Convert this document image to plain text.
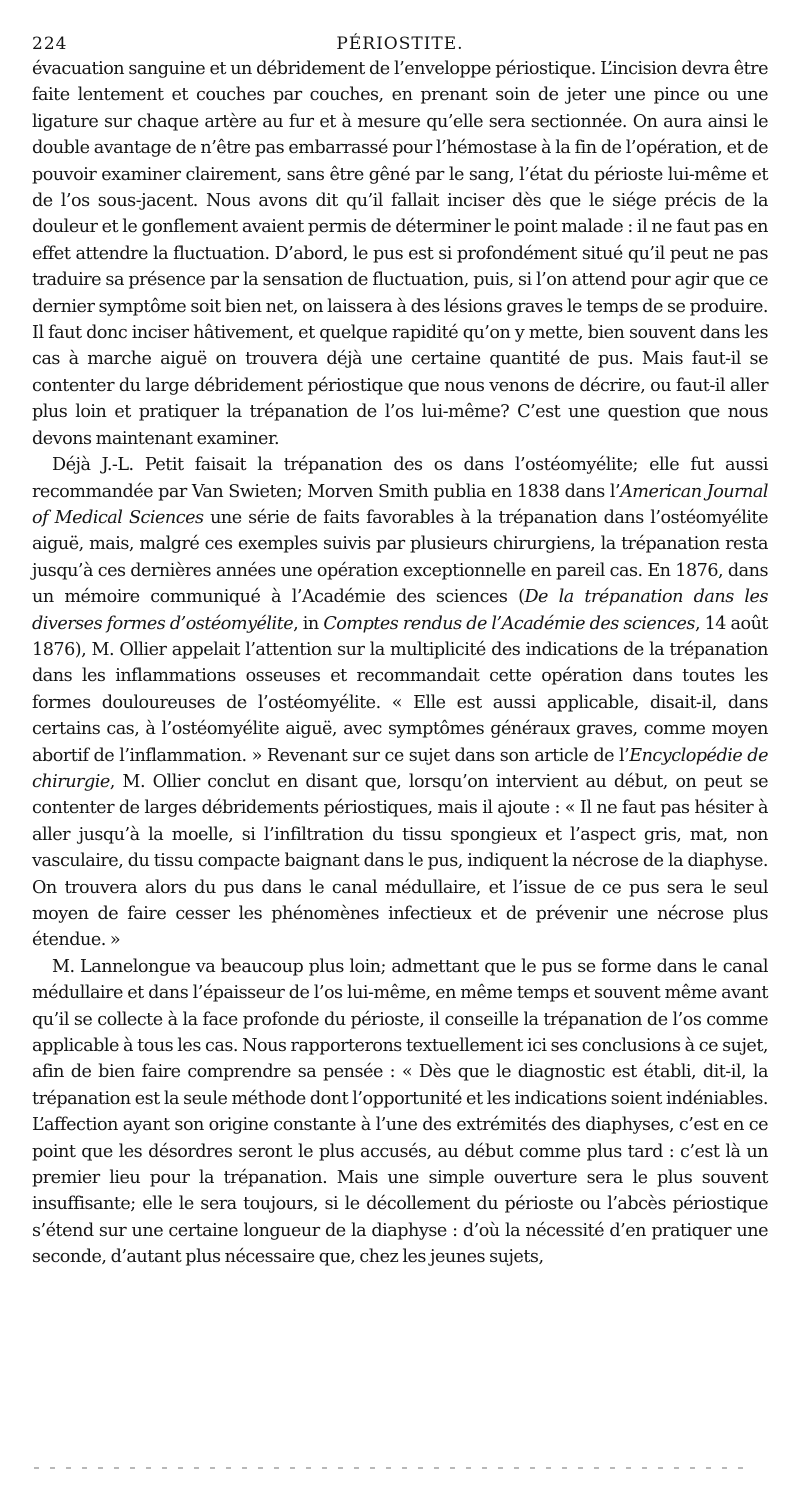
224	PÉRIOSTITE.

évacuation sanguine et un débridement de l’enveloppe périostique. L’incision devra être faite lentement et couches par couches, en prenant soin de jeter une pince ou une ligature sur chaque artère au fur et à mesure qu’elle sera sectionnée. On aura ainsi le double avantage de n’être pas embarrassé pour l’hémostase à la fin de l’opération, et de pouvoir examiner clairement, sans être gêné par le sang, l’état du périoste lui-même et de l’os sous-jacent. Nous avons dit qu’il fallait inciser dès que le siége précis de la douleur et le gonflement avaient permis de déterminer le point malade : il ne faut pas en effet attendre la fluctuation. D’abord, le pus est si profondément situé qu’il peut ne pas traduire sa présence par la sensation de fluctuation, puis, si l’on attend pour agir que ce dernier symptôme soit bien net, on laissera à des lésions graves le temps de se produire. Il faut donc inciser hâtivement, et quelque rapidité qu’on y mette, bien souvent dans les cas à marche aiguë on trouvera déjà une certaine quantité de pus. Mais faut-il se contenter du large débridement périostique que nous venons de décrire, ou faut-il aller plus loin et pratiquer la trépanation de l’os lui-même? C’est une question que nous devons maintenant examiner.

Déjà J.-L. Petit faisait la trépanation des os dans l’ostéomyélite; elle fut aussi recommandée par Van Swieten; Morven Smith publia en 1838 dans l’American Journal of Medical Sciences une série de faits favorables à la trépanation dans l’ostéomyélite aiguë, mais, malgré ces exemples suivis par plusieurs chirurgiens, la trépanation resta jusqu’à ces dernières années une opération exceptionnelle en pareil cas. En 1876, dans un mémoire communiqué à l’Académie des sciences (De la trépanation dans les diverses formes d’ostéomyélite, in Comptes rendus de l’Académie des sciences, 14 août 1876), M. Ollier appelait l’attention sur la multiplicité des indications de la trépanation dans les inflammations osseuses et recommandait cette opération dans toutes les formes douloureuses de l’ostéomyélite. « Elle est aussi applicable, disait-il, dans certains cas, à l’ostéomyélite aiguë, avec symptômes généraux graves, comme moyen abortif de l’inflammation. » Revenant sur ce sujet dans son article de l’Encyclopédie de chirurgie, M. Ollier conclut en disant que, lorsqu’on intervient au début, on peut se contenter de larges débridements périostiques, mais il ajoute : « Il ne faut pas hésiter à aller jusqu’à la moelle, si l’infiltration du tissu spongieux et l’aspect gris, mat, non vasculaire, du tissu compacte baignant dans le pus, indiquent la nécrose de la diaphyse. On trouvera alors du pus dans le canal médullaire, et l’issue de ce pus sera le seul moyen de faire cesser les phénomènes infectieux et de prévenir une nécrose plus étendue. »

M. Lannelongue va beaucoup plus loin; admettant que le pus se forme dans le canal médullaire et dans l’épaisseur de l’os lui-même, en même temps et souvent même avant qu’il se collecte à la face profonde du périoste, il conseille la trépanation de l’os comme applicable à tous les cas. Nous rapporterons textuellement ici ses conclusions à ce sujet, afin de bien faire comprendre sa pensée : « Dès que le diagnostic est établi, dit-il, la trépanation est la seule méthode dont l’opportunité et les indications soient indéniables. L’affection ayant son origine constante à l’une des extrémités des diaphyses, c’est en ce point que les désordres seront le plus accusés, au début comme plus tard : c’est là un premier lieu pour la trépanation. Mais une simple ouverture sera le plus souvent insuffisante; elle le sera toujours, si le décollement du périoste ou l’abcès périostique s’étend sur une certaine longueur de la diaphyse : d’où la nécessité d’en pratiquer une seconde, d’autant plus nécessaire que, chez les jeunes sujets,
